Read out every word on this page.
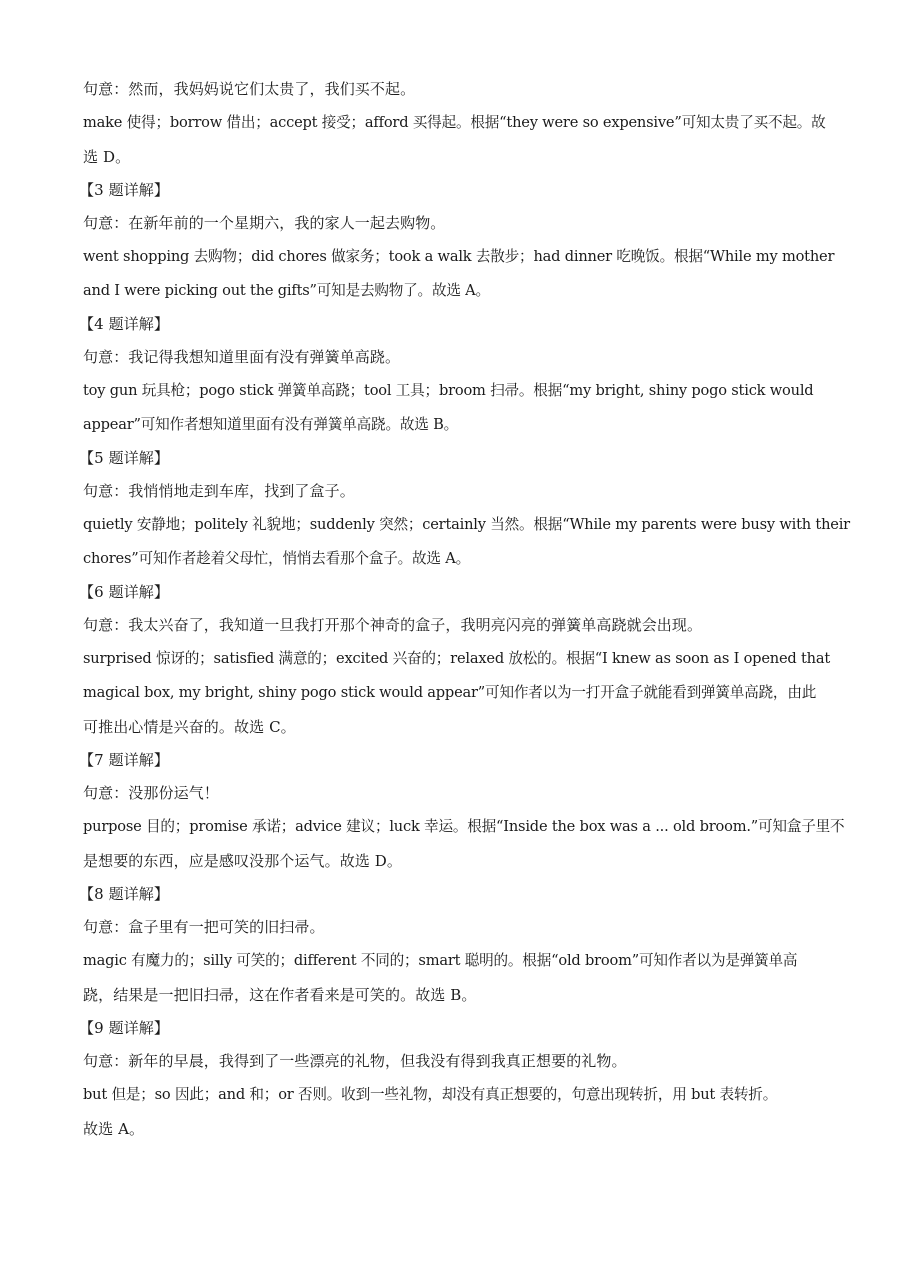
句意：然而，我妈妈说它们太贵了，我们买不起。
make 使得；borrow 借出；accept 接受；afford 买得起。根据“they were so expensive”可知太贵了买不起。故
选 D。
【3 题详解】
句意：在新年前的一个星期六，我的家人一起去购物。
went shopping 去购物；did chores 做家务；took a walk 去散步；had dinner 吃晚饭。根据“While my mother
and I were picking out the gifts”可知是去购物了。故选 A。
【4 题详解】
句意：我记得我想知道里面有没有弹簧单高跷。
toy gun 玩具枪；pogo stick 弹簧单高跷；tool 工具；broom 扫帚。根据“my bright, shiny pogo stick would
appear”可知作者想知道里面有没有弹簧单高跷。故选 B。
【5 题详解】
句意：我悄悄地走到车库，找到了盒子。
quietly 安静地；politely 礼貌地；suddenly 突然；certainly 当然。根据“While my parents were busy with their
chores”可知作者趁着父母忙，悄悄去看那个盒子。故选 A。
【6 题详解】
句意：我太兴奋了，我知道一旦我打开那个神奇的盒子，我明亮闪亮的弹簧单高跷就会出现。
surprised 惊讶的；satisfied 满意的；excited 兴奋的；relaxed 放松的。根据“I knew as soon as I opened that
magical box, my bright, shiny pogo stick would appear”可知作者以为一打开盒子就能看到弹簧单高跷，由此
可推出心情是兴奋的。故选 C。
【7 题详解】
句意：没那份运气！
purpose 目的；promise 承诺；advice 建议；luck 幸运。根据“Inside the box was a ... old broom.”可知盒子里不
是想要的东西，应是感叹没那个运气。故选 D。
【8 题详解】
句意：盒子里有一把可笑的旧扫帚。
magic 有魔力的；silly 可笑的；different 不同的；smart 聪明的。根据“old broom”可知作者以为是弹簧单高
跷，结果是一把旧扫帚，这在作者看来是可笑的。故选 B。
【9 题详解】
句意：新年的早晨，我得到了一些漂亮的礼物，但我没有得到我真正想要的礼物。
but 但是；so 因此；and 和；or 否则。收到一些礼物，却没有真正想要的，句意出现转折，用 but 表转折。
故选 A。
